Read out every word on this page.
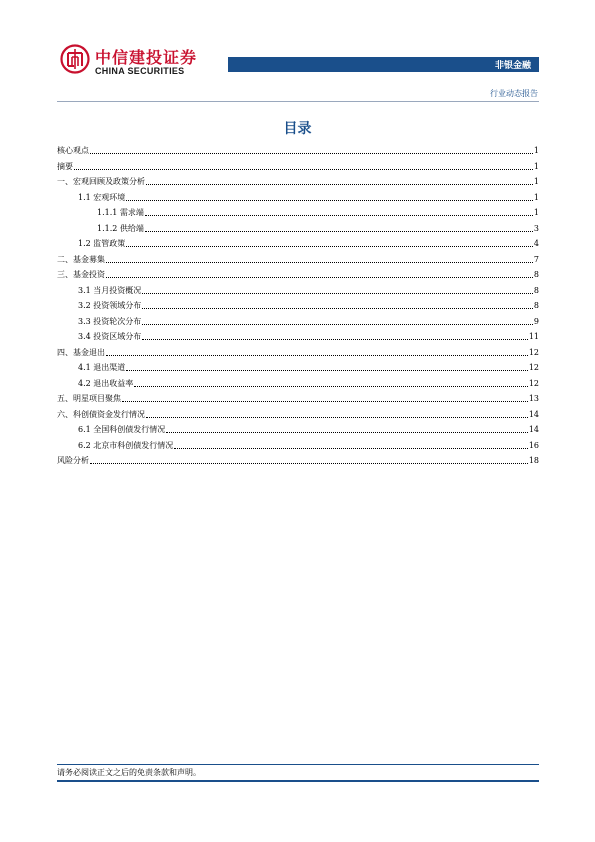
中信建投证券
CHINA SECURITIES	非银金融
行业动态报告
目录
核心观点	1
摘要	1
一、宏观回顾及政策分析	1
1.1 宏观环境	1
1.1.1 需求端	1
1.1.2 供给端	3
1.2 监管政策	4
二、基金募集	7
三、基金投资	8
3.1 当月投资概况	8
3.2 投资领域分布	8
3.3 投资轮次分布	9
3.4 投资区域分布	11
四、基金退出	12
4.1 退出渠道	12
4.2 退出收益率	12
五、明星项目聚焦	13
六、科创债资金发行情况	14
6.1 全国科创债发行情况	14
6.2 北京市科创债发行情况	16
风险分析	18
请务必阅读正文之后的免责条款和声明。
